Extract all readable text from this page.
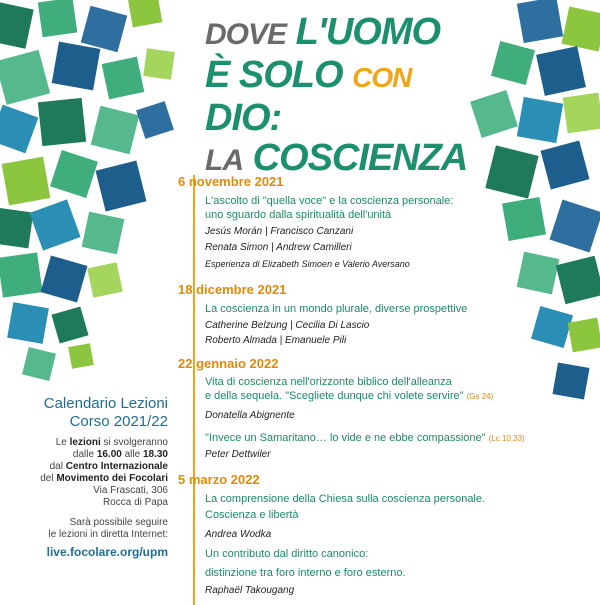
DOVE L'UOMO
È SOLO CON DIO:
LA COSCIENZA
6 novembre 2021
L'ascolto di "quella voce" e la coscienza personale:
uno sguardo dalla spiritualità dell'unità
Jesús Morán | Francisco Canzani
Renata Simon | Andrew Camilleri
Esperienza di Elizabeth Simoen e Valerio Aversano
18 dicembre 2021
La coscienza in un mondo plurale, diverse prospettive
Catherine Belzung | Cecilia Di Lascio
Roberto Almada | Emanuele Pili
22 gennaio 2022
Vita di coscienza nell'orizzonte biblico dell'alleanza
e della sequela. "Scegliete dunque chi volete servire" (Gs 24)
Donatella Abignente
"Invece un Samaritano… lo vide e ne ebbe compassione" (Lc 10,33)
Peter Dettwiler
5 marzo 2022
La comprensione della Chiesa sulla coscienza personale.
Coscienza e libertà
Andrea Wodka
Un contributo dal diritto canonico:
distinzione tra foro interno e foro esterno.
Raphaël Takougang
Calendario Lezioni
Corso 2021/22
Le lezioni si svolgeranno
dalle 16.00 alle 18.30
dal Centro Internazionale
del Movimento dei Focolari
Via Frascati, 306
Rocca di Papa
Sarà possibile seguire
le lezioni in diretta Internet:
live.focolare.org/upm
